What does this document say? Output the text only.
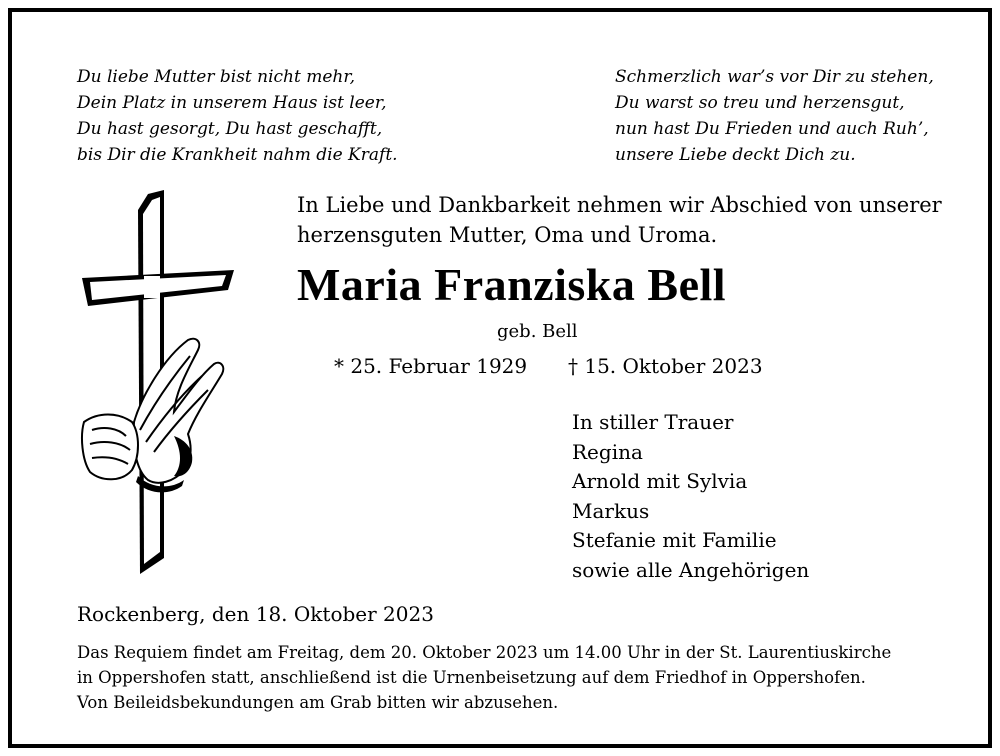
Du liebe Mutter bist nicht mehr,
Dein Platz in unserem Haus ist leer,
Du hast gesorgt, Du hast geschafft,
bis Dir die Krankheit nahm die Kraft.
Schmerzlich war’s vor Dir zu stehen,
Du warst so treu und herzensgut,
nun hast Du Frieden und auch Ruh’,
unsere Liebe deckt Dich zu.
In Liebe und Dankbarkeit nehmen wir Abschied von unserer
herzensguten Mutter, Oma und Uroma.
Maria Franziska Bell
geb. Bell
* 25. Februar 1929 † 15. Oktober 2023
In stiller Trauer
Regina
Arnold mit Sylvia
Markus
Stefanie mit Familie
sowie alle Angehörigen
Rockenberg, den 18. Oktober 2023
Das Requiem findet am Freitag, dem 20. Oktober 2023 um 14.00 Uhr in der St. Laurentiuskirche
in Oppershofen statt, anschließend ist die Urnenbeisetzung auf dem Friedhof in Oppershofen.
Von Beileidsbekundungen am Grab bitten wir abzusehen.
